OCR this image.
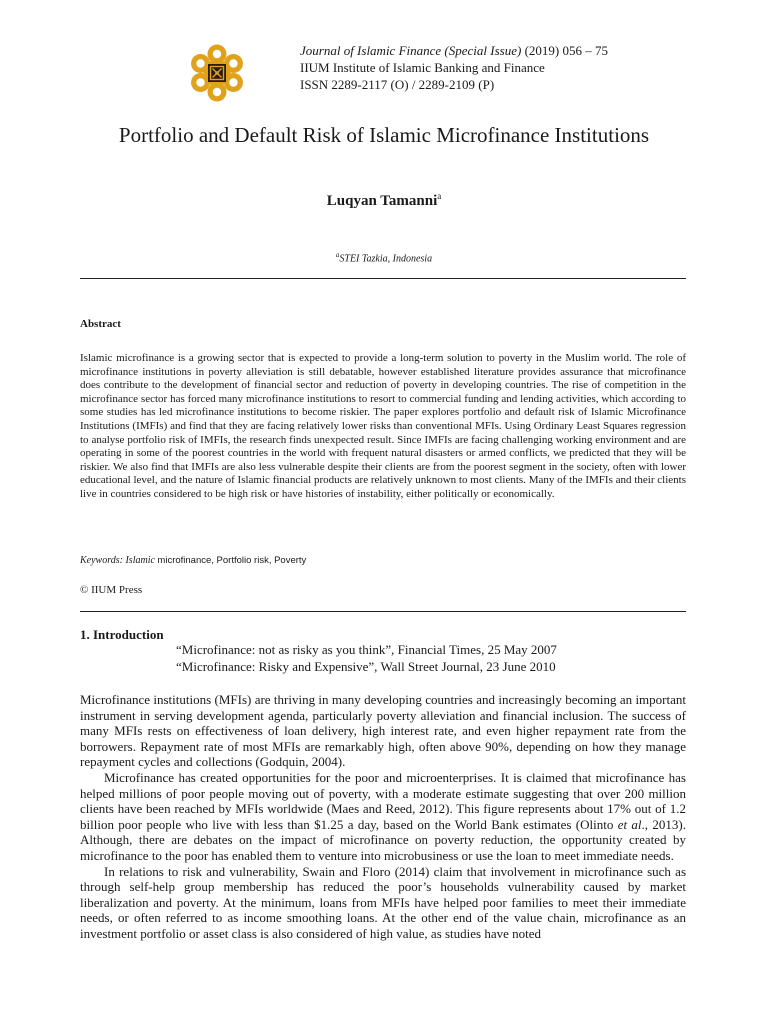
Journal of Islamic Finance (Special Issue) (2019) 056 – 75
IIUM Institute of Islamic Banking and Finance
ISSN 2289-2117 (O) / 2289-2109 (P)
Portfolio and Default Risk of Islamic Microfinance Institutions
Luqyan Tamanni$^a$
$^a$STEI Tazkia, Indonesia
Abstract

Islamic microfinance is a growing sector that is expected to provide a long-term solution to poverty in the Muslim world. The role of microfinance institutions in poverty alleviation is still debatable, however established literature provides assurance that microfinance does contribute to the development of financial sector and reduction of poverty in developing countries. The rise of competition in the microfinance sector has forced many microfinance institutions to resort to commercial funding and lending activities, which according to some studies has led microfinance institutions to become riskier. The paper explores portfolio and default risk of Islamic Microfinance Institutions (IMFIs) and find that they are facing relatively lower risks than conventional MFIs. Using Ordinary Least Squares regression to analyse portfolio risk of IMFIs, the research finds unexpected result. Since IMFIs are facing challenging working environment and are operating in some of the poorest countries in the world with frequent natural disasters or armed conflicts, we predicted that they will be riskier. We also find that IMFIs are also less vulnerable despite their clients are from the poorest segment in the society, often with lower educational level, and the nature of Islamic financial products are relatively unknown to most clients. Many of the IMFIs and their clients live in countries considered to be high risk or have histories of instability, either politically or economically.

Keywords: Islamic microfinance, Portfolio risk, Poverty
© IIUM Press
1. Introduction
“Microfinance: not as risky as you think”, Financial Times, 25 May 2007
“Microfinance: Risky and Expensive”, Wall Street Journal, 23 June 2010

Microfinance institutions (MFIs) are thriving in many developing countries and increasingly becoming an important instrument in serving development agenda, particularly poverty alleviation and financial inclusion. The success of many MFIs rests on effectiveness of loan delivery, high interest rate, and even higher repayment rate from the borrowers. Repayment rate of most MFIs are remarkably high, often above 90%, depending on how they manage repayment cycles and collections (Godquin, 2004).

Microfinance has created opportunities for the poor and microenterprises. It is claimed that microfinance has helped millions of poor people moving out of poverty, with a moderate estimate suggesting that over 200 million clients have been reached by MFIs worldwide (Maes and Reed, 2012). This figure represents about 17% out of 1.2 billion poor people who live with less than $1.25 a day, based on the World Bank estimates (Olinto et al., 2013). Although, there are debates on the impact of microfinance on poverty reduction, the opportunity created by microfinance to the poor has enabled them to venture into microbusiness or use the loan to meet immediate needs.

In relations to risk and vulnerability, Swain and Floro (2014) claim that involvement in microfinance such as through self-help group membership has reduced the poor’s households vulnerability caused by market liberalization and poverty. At the minimum, loans from MFIs have helped poor families to meet their immediate needs, or often referred to as income smoothing loans. At the other end of the value chain, microfinance as an investment portfolio or asset class is also considered of high value, as studies have noted
